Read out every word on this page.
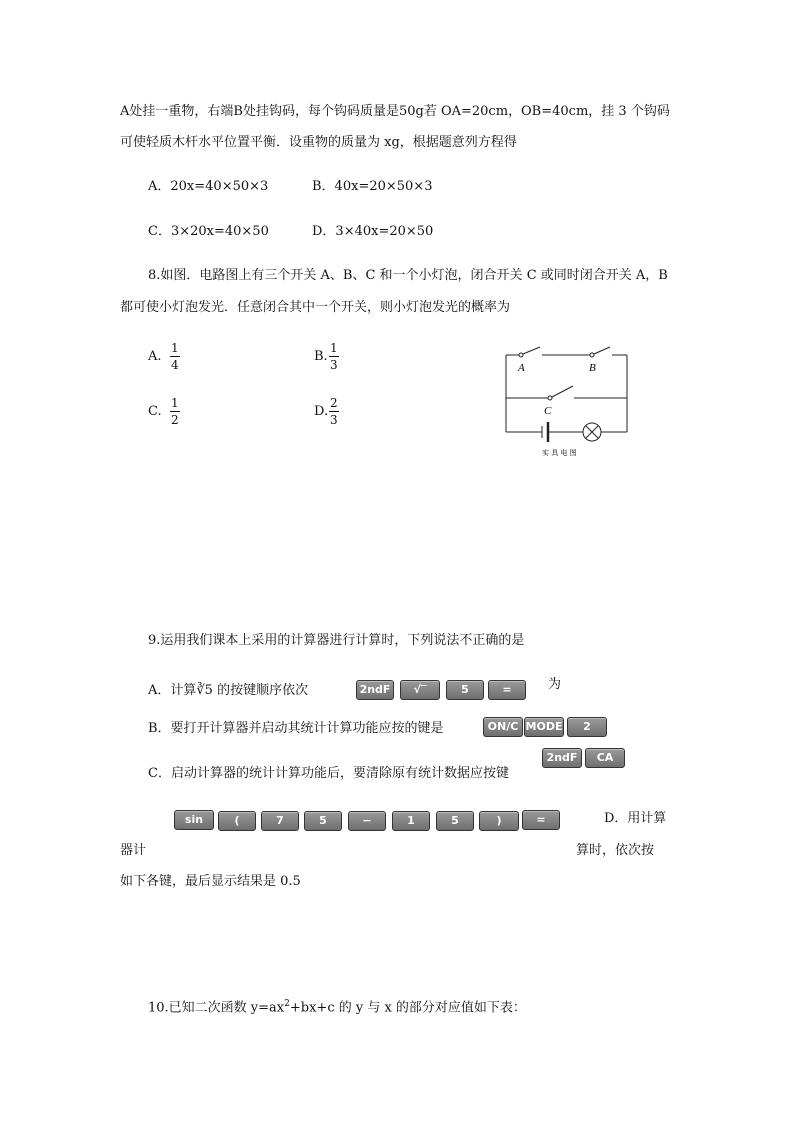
A处挂一重物，右端B处挂钩码，每个钩码质量是50g若 OA=20cm，OB=40cm，挂 3 个钩码
可使轻质木杆水平位置平衡．设重物的质量为 xg，根据题意列方程得
A．20x=40×50×3	B．40x=20×50×3
C．3×20x=40×50	D．3×40x=20×50
8.如图．电路图上有三个开关 A、B、C 和一个小灯泡，闭合开关 C 或同时闭合开关 A，B
都可使小灯泡发光．任意闭合其中一个开关，则小灯泡发光的概率为
A. $\frac{1}{4}$	B. $\frac{1}{3}$
C. $\frac{1}{2}$	D. $\frac{2}{3}$
A	B
C
实 具 电 图
9.运用我们课本上采用的计算器进行计算时，下列说法不正确的是
A．计算∛5 的按键顺序依次	2ndF	√‾	5	=	为
B．要打开计算器并启动其统计计算功能应按的键是	ON/C MODE	2
2ndF	CA
C．启动计算器的统计计算功能后，要清除原有统计数据应按键
sin	(	7	5	−	1	5	)	=	D．用计算
器计	算时，依次按
如下各键，最后显示结果是 0.5
10.已知二次函数 $y=ax^2+bx+c$ 的 y 与 x 的部分对应值如下表：
